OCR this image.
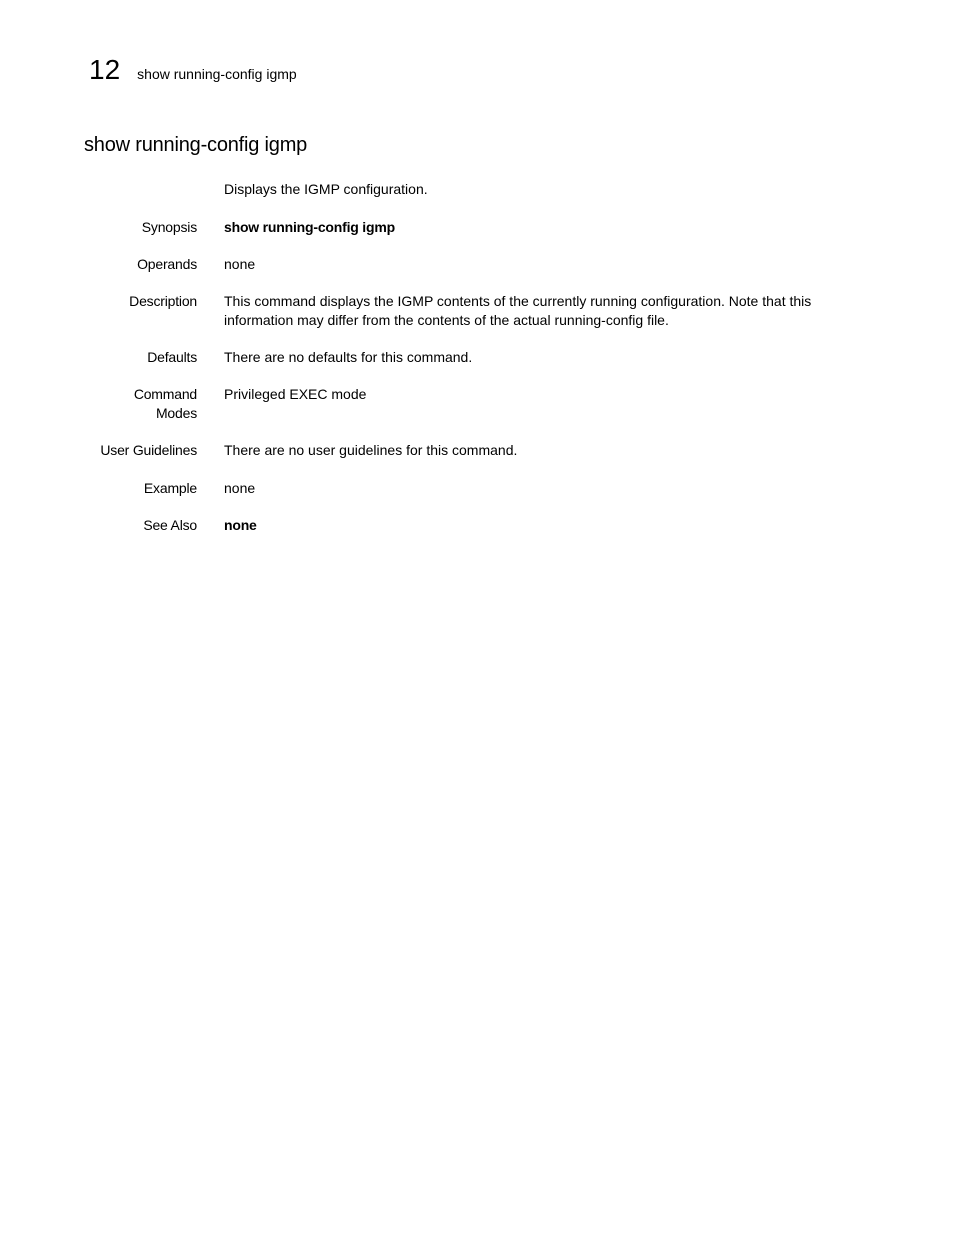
12 show running-config igmp
show running-config igmp
Displays the IGMP configuration.
Synopsis show running-config igmp
Operands none
Description This command displays the IGMP contents of the currently running configuration. Note that this
information may differ from the contents of the actual running-config file.
Defaults There are no defaults for this command.
Command
Modes
Privileged EXEC mode
User Guidelines There are no user guidelines for this command.
Example none
See Also none
